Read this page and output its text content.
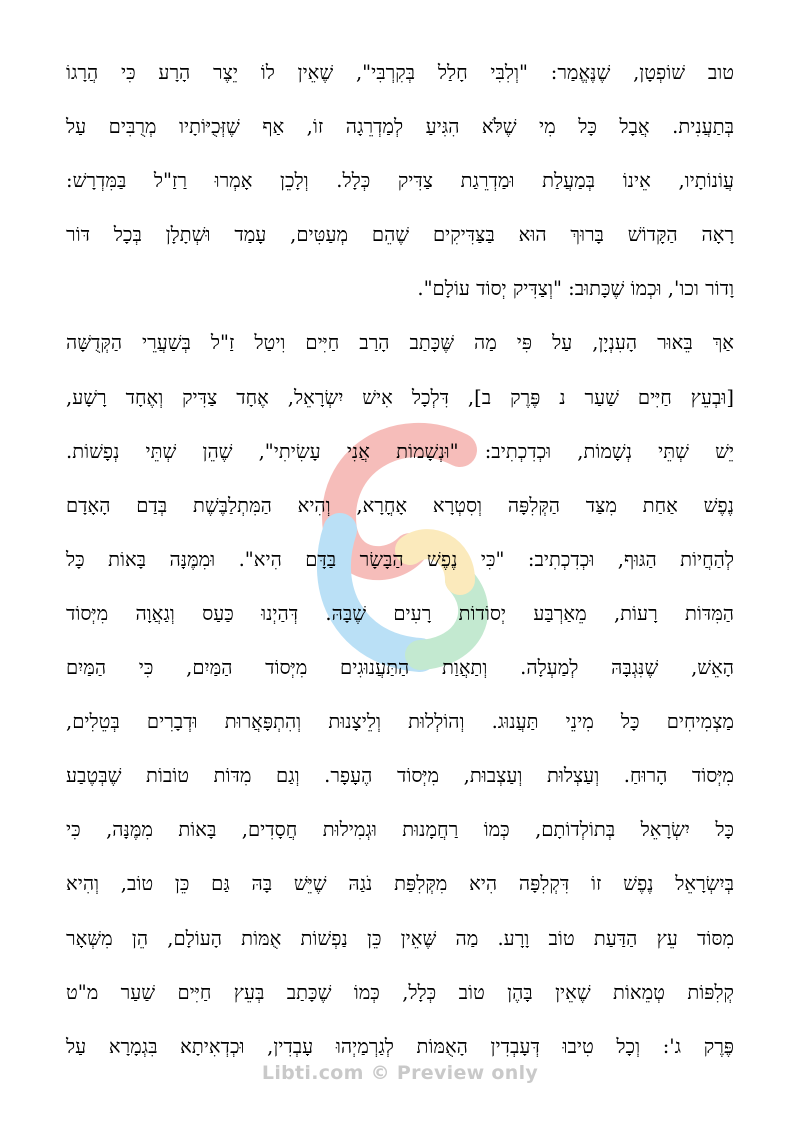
טוב שׁוֹפְטָן, שֶׁנֶּאֱמַר: "וְלִבִּי חָלַל בְּקִרְבִּי", שֶׁאֵין לוֹ יֵצֶר הָרָע כִּי הֲרָגוֹ
בְּתַעֲנִית. אֲבָל כָּל מִי שֶׁלֹּא הִגִּיעַ לְמַדְרֵגָה זוֹ, אַף שֶׁזְּכֻיּוֹתָיו מְרֻבִּים עַל
עֲוֹנוֹתָיו, אֵינוֹ בְּמַעֲלַת וּמַדְרֵגַת צַדִּיק כְּלָל. וְלָכֵן אָמְרוּ רַזַ"ל בַּמִּדְרָשׁ:
רָאָה הַקָּדוֹשׁ בָּרוּךְ הוּא בַּצַּדִּיקִים שֶׁהֵם מְעַטִּים, עָמַד וּשְׁתָלָן בְּכָל דּוֹר
וָדוֹר וכו', וּכְמוֹ שֶׁכָּתוּב: "וְצַדִּיק יְסוֹד עוֹלָם".
אַךְ בֵּאוּר הָעִנְיָן, עַל פִּי מַה שֶּׁכָּתַב הָרַב חַיִּים וִיטַל זַ"ל בְּשַׁעֲרֵי הַקְּדֻשָּׁה
[וּבְעֵץ חַיִּים שַׁעַר נ פֶּרֶק ב], דִּלְכָל אִישׁ יִשְׂרָאֵל, אֶחָד צַדִּיק וְאֶחָד רָשָׁע,
יֵשׁ שְׁתֵּי נְשָׁמוֹת, וּכְדִכְתִיב: "וּנְשָׁמוֹת אֲנִי עָשִׂיתִי", שֶׁהֵן שְׁתֵּי נְפָשׁוֹת.
נֶפֶשׁ אַחַת מִצַּד הַקְּלִפָּה וְסִטְרָא אָחֳרָא, וְהִיא הַמִּתְלַבֶּשֶׁת בְּדַם הָאָדָם
לְהַחֲיוֹת הַגּוּף, וּכְדִכְתִיב: "כִּי נֶפֶשׁ הַבָּשָׂר בַּדָּם הִיא". וּמִמֶּנָּה בָּאוֹת כָּל
הַמִּדּוֹת רָעוֹת, מֵאַרְבַּע יְסוֹדוֹת רָעִים שֶׁבָּהּ. דְּהַיְנוּ כַּעַס וְגַאֲוָה מִיְּסוֹד
הָאֵשׁ, שֶׁנִּגְבָּהּ לְמַעְלָה. וְתַאֲוַת הַתַּעֲנוּגִים מִיְּסוֹד הַמַּיִם, כִּי הַמַּיִם
מַצְמִיחִים כָּל מִינֵי תַּעֲנוּג. וְהוֹלְלוּת וְלֵיצָנוּת וְהִתְפָּאֲרוּת וּדְבָרִים בְּטֵלִים,
מִיְּסוֹד הָרוּחַ. וְעַצְלוּת וְעַצְבוּת, מִיְּסוֹד הֶעָפָר. וְגַם מִדּוֹת טוֹבוֹת שֶׁבְּטֶבַע
כָּל יִשְׂרָאֵל בְּתוֹלְדוֹתָם, כְּמוֹ רַחֲמָנוּת וּגְמִילוּת חֲסָדִים, בָּאוֹת מִמֶּנָּה, כִּי
בְּיִשְׂרָאֵל נֶפֶשׁ זוֹ דִּקְלִפָּה הִיא מִקְּלִפַּת נֹגַהּ שֶׁיֵּשׁ בָּהּ גַּם כֵּן טוֹב, וְהִיא
מִסּוֹד עֵץ הַדַּעַת טוֹב וָרָע. מַה שֶּׁאֵין כֵּן נַפְשׁוֹת אֻמּוֹת הָעוֹלָם, הֵן מִשְּׁאָר
קְלִפּוֹת טְמֵאוֹת שֶׁאֵין בָּהֶן טוֹב כְּלָל, כְּמוֹ שֶׁכָּתַב בְּעֵץ חַיִּים שַׁעַר מ"ט
פֶּרֶק ג': וְכָל טִיבוּ דְּעָבְדִין הָאֻמּוֹת לְגַרְמַיְהוּ עָבְדִין, וּכְדְאִיתָא בִּגְמָרָא עַל
Libti.com © Preview only
